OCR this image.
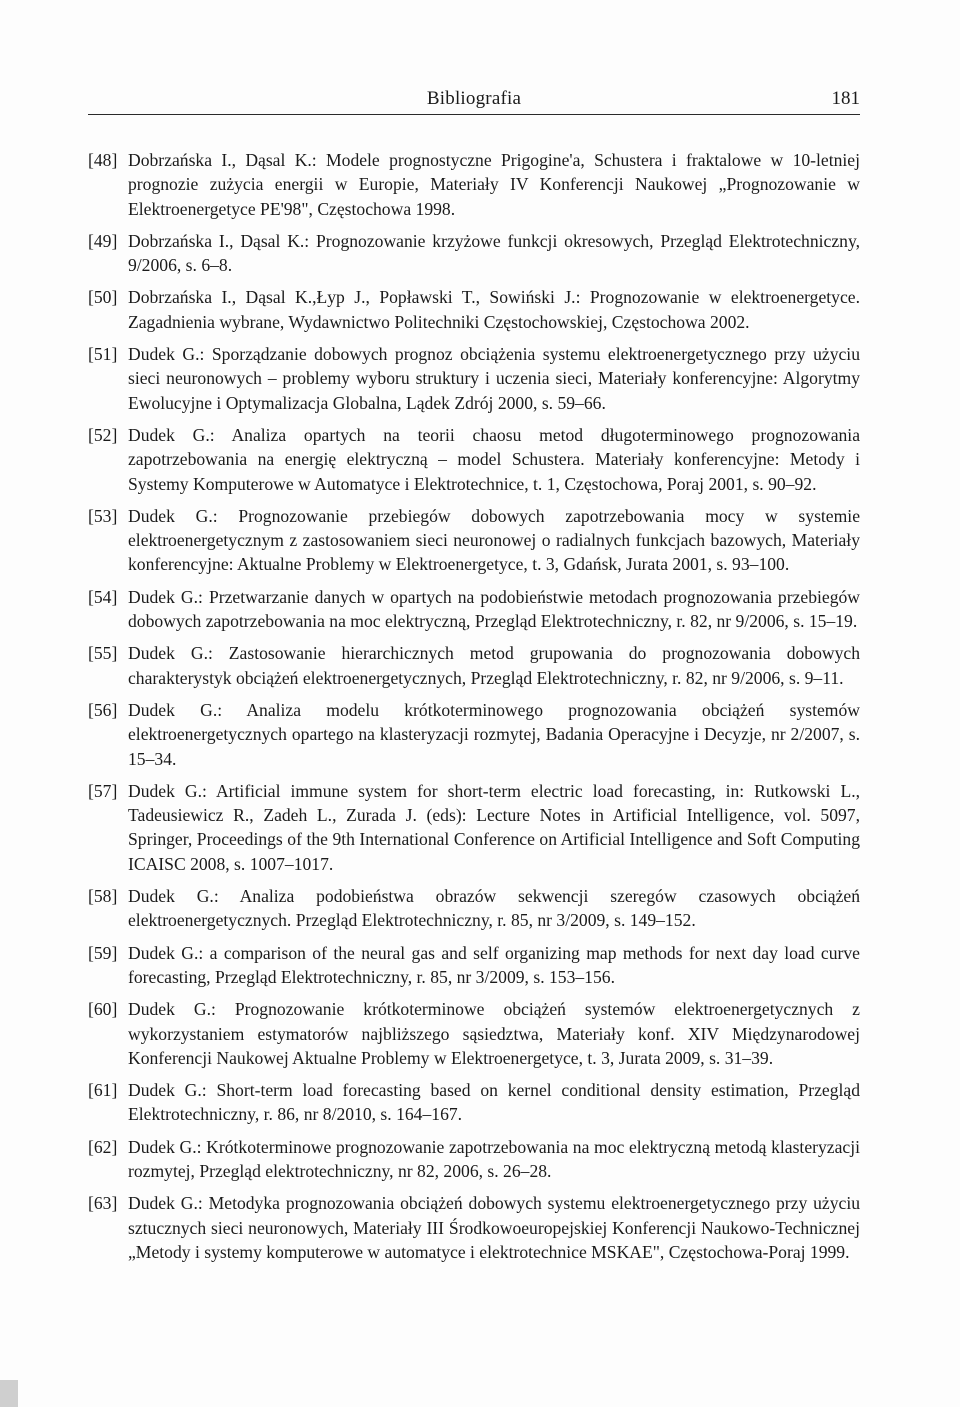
Bibliografia	181
[48] Dobrzańska I., Dąsal K.: Modele prognostyczne Prigogine'a, Schustera i fraktalowe w 10-letniej prognozie zużycia energii w Europie, Materiały IV Konferencji Naukowej „Prognozowanie w Elektroenergetyce PE'98", Częstochowa 1998.
[49] Dobrzańska I., Dąsal K.: Prognozowanie krzyżowe funkcji okresowych, Przegląd Elektrotechniczny, 9/2006, s. 6–8.
[50] Dobrzańska I., Dąsal K.,Łyp J., Popławski T., Sowiński J.: Prognozowanie w elektroenergetyce. Zagadnienia wybrane, Wydawnictwo Politechniki Częstochowskiej, Częstochowa 2002.
[51] Dudek G.: Sporządzanie dobowych prognoz obciążenia systemu elektroenergetycznego przy użyciu sieci neuronowych – problemy wyboru struktury i uczenia sieci, Materiały konferencyjne: Algorytmy Ewolucyjne i Optymalizacja Globalna, Lądek Zdrój 2000, s. 59–66.
[52] Dudek G.: Analiza opartych na teorii chaosu metod długoterminowego prognozowania zapotrzebowania na energię elektryczną – model Schustera. Materiały konferencyjne: Metody i Systemy Komputerowe w Automatyce i Elektrotechnice, t. 1, Częstochowa, Poraj 2001, s. 90–92.
[53] Dudek G.: Prognozowanie przebiegów dobowych zapotrzebowania mocy w systemie elektroenergetycznym z zastosowaniem sieci neuronowej o radialnych funkcjach bazowych, Materiały konferencyjne: Aktualne Problemy w Elektroenergetyce, t. 3, Gdańsk, Jurata 2001, s. 93–100.
[54] Dudek G.: Przetwarzanie danych w opartych na podobieństwie metodach prognozowania przebiegów dobowych zapotrzebowania na moc elektryczną, Przegląd Elektrotechniczny, r. 82, nr 9/2006, s. 15–19.
[55] Dudek G.: Zastosowanie hierarchicznych metod grupowania do prognozowania dobowych charakterystyk obciążeń elektroenergetycznych, Przegląd Elektrotechniczny, r. 82, nr 9/2006, s. 9–11.
[56] Dudek G.: Analiza modelu krótkoterminowego prognozowania obciążeń systemów elektroenergetycznych opartego na klasteryzacji rozmytej, Badania Operacyjne i Decyzje, nr 2/2007, s. 15–34.
[57] Dudek G.: Artificial immune system for short-term electric load forecasting, in: Rutkowski L., Tadeusiewicz R., Zadeh L., Zurada J. (eds): Lecture Notes in Artificial Intelligence, vol. 5097, Springer, Proceedings of the 9th International Conference on Artificial Intelligence and Soft Computing ICAISC 2008, s. 1007–1017.
[58] Dudek G.: Analiza podobieństwa obrazów sekwencji szeregów czasowych obciążeń elektroenergetycznych. Przegląd Elektrotechniczny, r. 85, nr 3/2009, s. 149–152.
[59] Dudek G.: a comparison of the neural gas and self organizing map methods for next day load curve forecasting, Przegląd Elektrotechniczny, r. 85, nr 3/2009, s. 153–156.
[60] Dudek G.: Prognozowanie krótkoterminowe obciążeń systemów elektroenergetycznych z wykorzystaniem estymatorów najbliższego sąsiedztwa, Materiały konf. XIV Międzynarodowej Konferencji Naukowej Aktualne Problemy w Elektroenergetyce, t. 3, Jurata 2009, s. 31–39.
[61] Dudek G.: Short-term load forecasting based on kernel conditional density estimation, Przegląd Elektrotechniczny, r. 86, nr 8/2010, s. 164–167.
[62] Dudek G.: Krótkoterminowe prognozowanie zapotrzebowania na moc elektryczną metodą klasteryzacji rozmytej, Przegląd elektrotechniczny, nr 82, 2006, s. 26–28.
[63] Dudek G.: Metodyka prognozowania obciążeń dobowych systemu elektroenergetycznego przy użyciu sztucznych sieci neuronowych, Materiały III Środkowoeuropejskiej Konferencji Naukowo-Technicznej „Metody i systemy komputerowe w automatyce i elektrotechnice MSKAE", Częstochowa-Poraj 1999.
